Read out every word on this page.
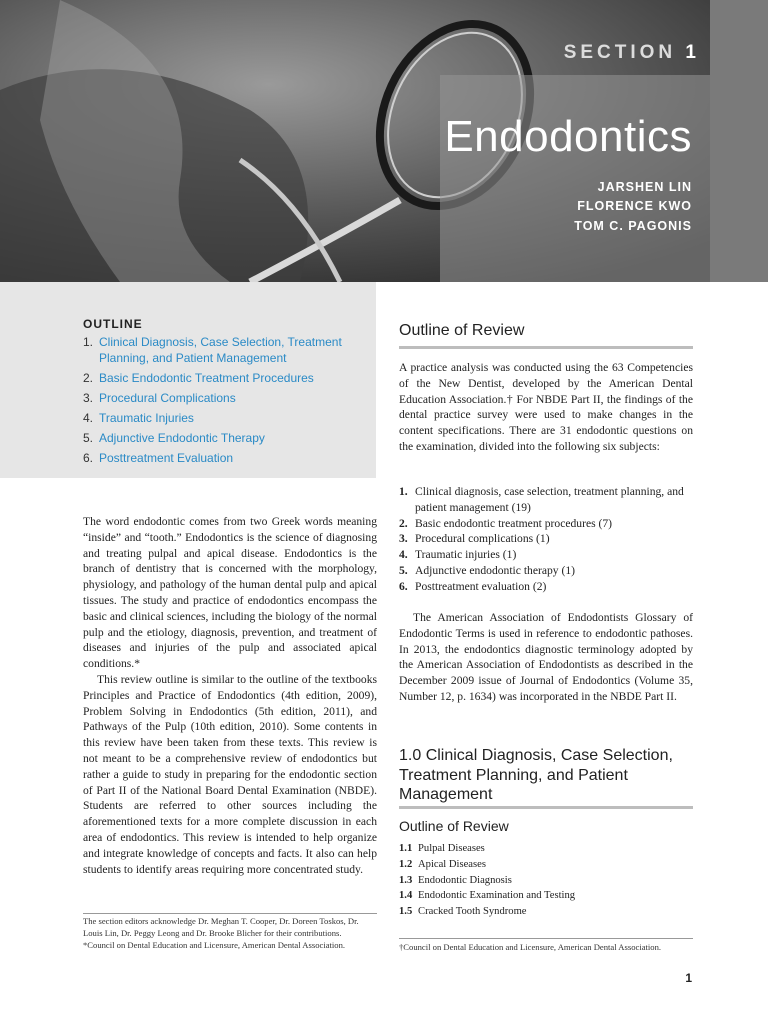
SECTION 1
Endodontics
JARSHEN LIN
FLORENCE KWO
TOM C. PAGONIS
OUTLINE
1. Clinical Diagnosis, Case Selection, Treatment Planning, and Patient Management
2. Basic Endodontic Treatment Procedures
3. Procedural Complications
4. Traumatic Injuries
5. Adjunctive Endodontic Therapy
6. Posttreatment Evaluation

The word endodontic comes from two Greek words meaning “inside” and “tooth.” Endodontics is the science of diagnosing and treating pulpal and apical disease. Endodontics is the branch of dentistry that is concerned with the morphology, physiology, and pathology of the human dental pulp and apical tissues. The study and practice of endodontics encompass the basic and clinical sciences, including the biology of the normal pulp and the etiology, diagnosis, prevention, and treatment of diseases and injuries of the pulp and associated apical conditions.*

This review outline is similar to the outline of the textbooks Principles and Practice of Endodontics (4th edition, 2009), Problem Solving in Endodontics (5th edition, 2011), and Pathways of the Pulp (10th edition, 2010). Some contents in this review have been taken from these texts. This review is not meant to be a comprehensive review of endodontics but rather a guide to study in preparing for the endodontic section of Part II of the National Board Dental Examination (NBDE). Students are referred to other sources including the aforementioned texts for a more complete discussion in each area of endodontics. This review is intended to help organize and integrate knowledge of concepts and facts. It also can help students to identify areas requiring more concentrated study.

The section editors acknowledge Dr. Meghan T. Cooper, Dr. Doreen Toskos, Dr. Louis Lin, Dr. Peggy Leong and Dr. Brooke Blicher for their contributions.
*Council on Dental Education and Licensure, American Dental Association.
Outline of Review

A practice analysis was conducted using the 63 Competencies of the New Dentist, developed by the American Dental Education Association.† For NBDE Part II, the findings of the dental practice survey were used to make changes in the content specifications. There are 31 endodontic questions on the examination, divided into the following six subjects:

1. Clinical diagnosis, case selection, treatment planning, and patient management (19)
2. Basic endodontic treatment procedures (7)
3. Procedural complications (1)
4. Traumatic injuries (1)
5. Adjunctive endodontic therapy (1)
6. Posttreatment evaluation (2)

The American Association of Endodontists Glossary of Endodontic Terms is used in reference to endodontic pathoses. In 2013, the endodontics diagnostic terminology adopted by the American Association of Endodontists as described in the December 2009 issue of Journal of Endodontics (Volume 35, Number 12, p. 1634) was incorporated in the NBDE Part II.

1.0 Clinical Diagnosis, Case Selection, Treatment Planning, and Patient Management
Outline of Review
1.1 Pulpal Diseases
1.2 Apical Diseases
1.3 Endodontic Diagnosis
1.4 Endodontic Examination and Testing
1.5 Cracked Tooth Syndrome
†Council on Dental Education and Licensure, American Dental Association.
1
